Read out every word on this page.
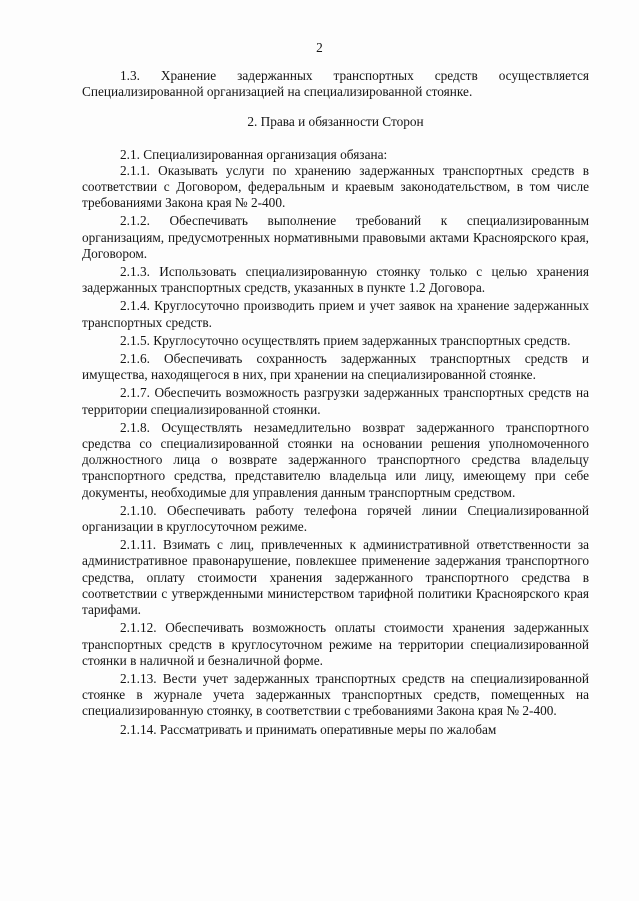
2

1.3. Хранение задержанных транспортных средств осуществляется Специализированной организацией на специализированной стоянке.

2. Права и обязанности Сторон

2.1. Специализированная организация обязана:

2.1.1. Оказывать услуги по хранению задержанных транспортных средств в соответствии с Договором, федеральным и краевым законодательством, в том числе требованиями Закона края № 2-400.

2.1.2. Обеспечивать выполнение требований к специализированным организациям, предусмотренных нормативными правовыми актами Красноярского края, Договором.

2.1.3. Использовать специализированную стоянку только с целью хранения задержанных транспортных средств, указанных в пункте 1.2 Договора.

2.1.4. Круглосуточно производить прием и учет заявок на хранение задержанных транспортных средств.

2.1.5. Круглосуточно осуществлять прием задержанных транспортных средств.

2.1.6. Обеспечивать сохранность задержанных транспортных средств и имущества, находящегося в них, при хранении на специализированной стоянке.

2.1.7. Обеспечить возможность разгрузки задержанных транспортных средств на территории специализированной стоянки.

2.1.8. Осуществлять незамедлительно возврат задержанного транспортного средства со специализированной стоянки на основании решения уполномоченного должностного лица о возврате задержанного транспортного средства владельцу транспортного средства, представителю владельца или лицу, имеющему при себе документы, необходимые для управления данным транспортным средством.

2.1.10. Обеспечивать работу телефона горячей линии Специализированной организации в круглосуточном режиме.

2.1.11. Взимать с лиц, привлеченных к административной ответственности за административное правонарушение, повлекшее применение задержания транспортного средства, оплату стоимости хранения задержанного транспортного средства в соответствии с утвержденными министерством тарифной политики Красноярского края тарифами.

2.1.12. Обеспечивать возможность оплаты стоимости хранения задержанных транспортных средств в круглосуточном режиме на территории специализированной стоянки в наличной и безналичной форме.

2.1.13. Вести учет задержанных транспортных средств на специализированной стоянке в журнале учета задержанных транспортных средств, помещенных на специализированную стоянку, в соответствии с требованиями Закона края № 2-400.

2.1.14. Рассматривать и принимать оперативные меры по жалобам
